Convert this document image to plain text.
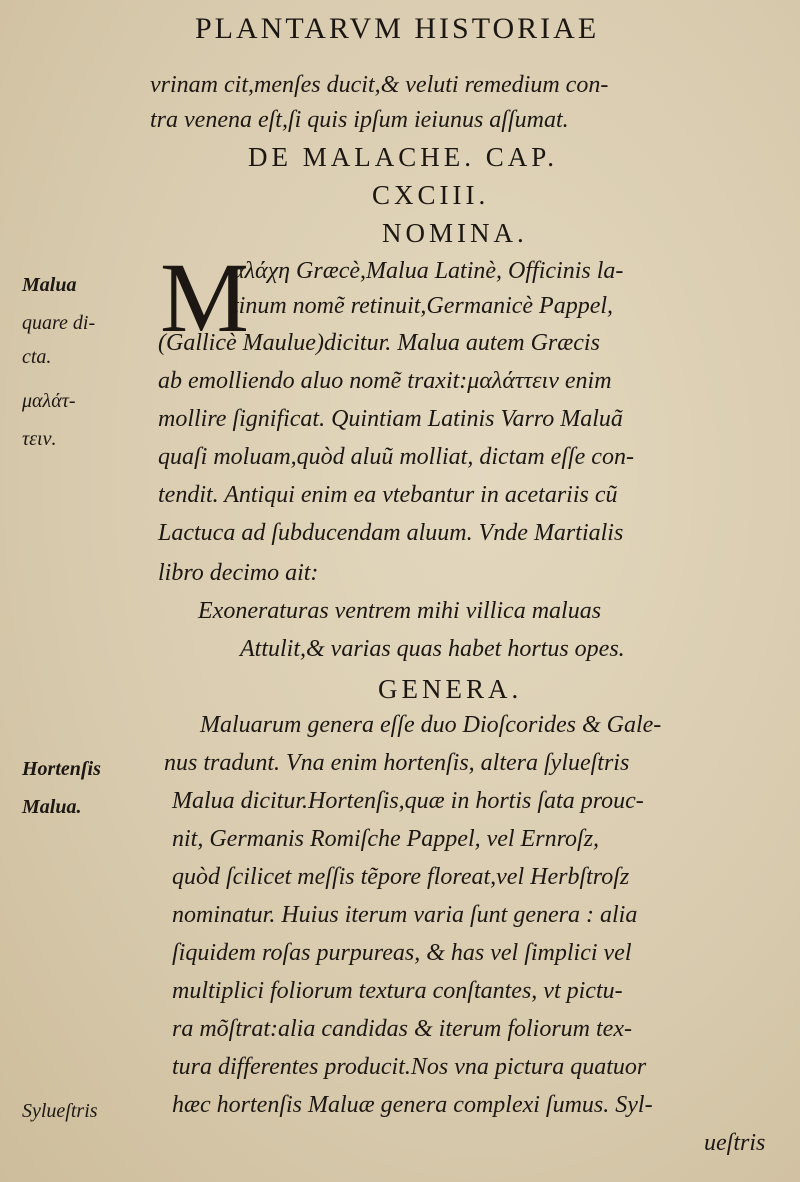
PLANTARVM HISTORIAE
vrinam cit,menſes ducit,& veluti remedium con-
tra venena eſt,ſi quis ipſum ieiunus aſſumat.
DE MALACHE. CAP.
CXCIII.
NOMINA.
M
αλάχη Græcè,Malua Latinè, Officinis la-
tinum nomẽ retinuit,Germanicè Pappel,
(Gallicè Maulue)dicitur. Malua autem Græcis
ab emolliendo aluo nomẽ traxit:μαλάττειν enim
mollire ſignificat. Quintiam Latinis Varro Maluã
quaſi moluam,quòd aluũ molliat, dictam eſſe con-
tendit. Antiqui enim ea vtebantur in acetariis cũ
Lactuca ad ſubducendam aluum. Vnde Martialis
libro decimo ait:
Exoneraturas ventrem mihi villica maluas
Attulit,& varias quas habet hortus opes.
GENERA.
Maluarum genera eſſe duo Dioſcorides & Gale-
nus tradunt. Vna enim hortenſis, altera ſylueſtris
Malua dicitur.Hortenſis,quæ in hortis ſata prouc-
nit, Germanis Romiſche Pappel, vel Ernroſz,
quòd ſcilicet meſſis tẽpore floreat,vel Herbſtroſz
nominatur. Huius iterum varia ſunt genera : alia
ſiquidem roſas purpureas, & has vel ſimplici vel
multiplici foliorum textura conſtantes, vt pictu-
ra mõſtrat:alia candidas & iterum foliorum tex-
tura differentes producit.Nos vna pictura quatuor
hæc hortenſis Maluæ genera complexi ſumus. Syl-
ueſtris
Malua
quare di-
cta.
μαλάτ-
τειν.
Hortenſis
Malua.
Sylueſtris
